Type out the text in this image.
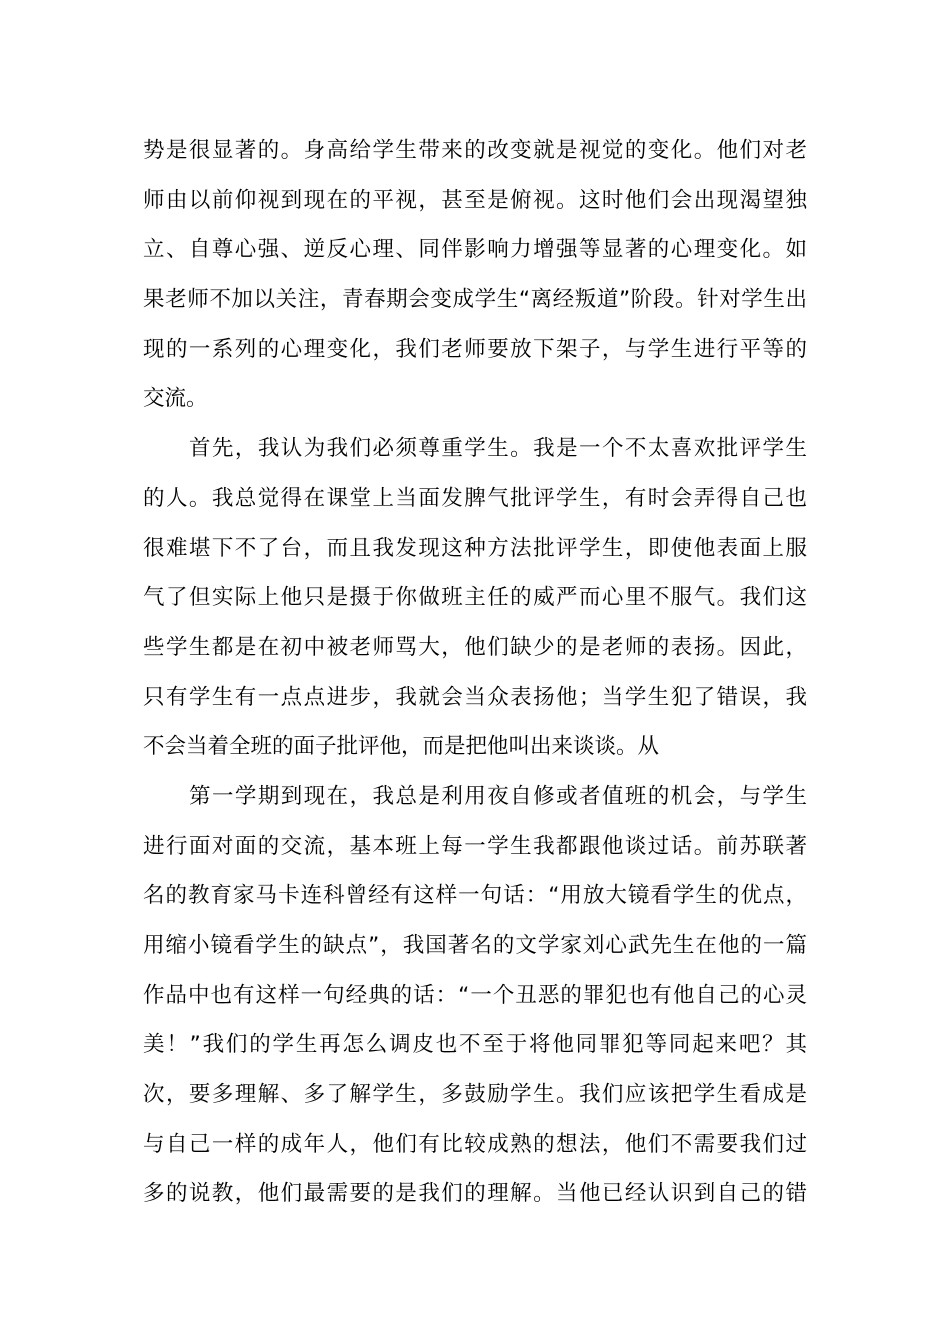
势是很显著的。身高给学生带来的改变就是视觉的变化。他们对老
师由以前仰视到现在的平视，甚至是俯视。这时他们会出现渴望独
立、自尊心强、逆反心理、同伴影响力增强等显著的心理变化。如
果老师不加以关注，青春期会变成学生“离经叛道”阶段。针对学生出
现的一系列的心理变化，我们老师要放下架子，与学生进行平等的
交流。
首先，我认为我们必须尊重学生。我是一个不太喜欢批评学生
的人。我总觉得在课堂上当面发脾气批评学生，有时会弄得自己也
很难堪下不了台，而且我发现这种方法批评学生，即使他表面上服
气了但实际上他只是摄于你做班主任的威严而心里不服气。我们这
些学生都是在初中被老师骂大，他们缺少的是老师的表扬。因此，
只有学生有一点点进步，我就会当众表扬他；当学生犯了错误，我
不会当着全班的面子批评他，而是把他叫出来谈谈。从
第一学期到现在，我总是利用夜自修或者值班的机会，与学生
进行面对面的交流，基本班上每一学生我都跟他谈过话。前苏联著
名的教育家马卡连科曾经有这样一句话：“用放大镜看学生的优点，
用缩小镜看学生的缺点”，我国著名的文学家刘心武先生在他的一篇
作品中也有这样一句经典的话：“一个丑恶的罪犯也有他自己的心灵
美！”我们的学生再怎么调皮也不至于将他同罪犯等同起来吧？其
次，要多理解、多了解学生，多鼓励学生。我们应该把学生看成是
与自己一样的成年人，他们有比较成熟的想法，他们不需要我们过
多的说教，他们最需要的是我们的理解。当他已经认识到自己的错
